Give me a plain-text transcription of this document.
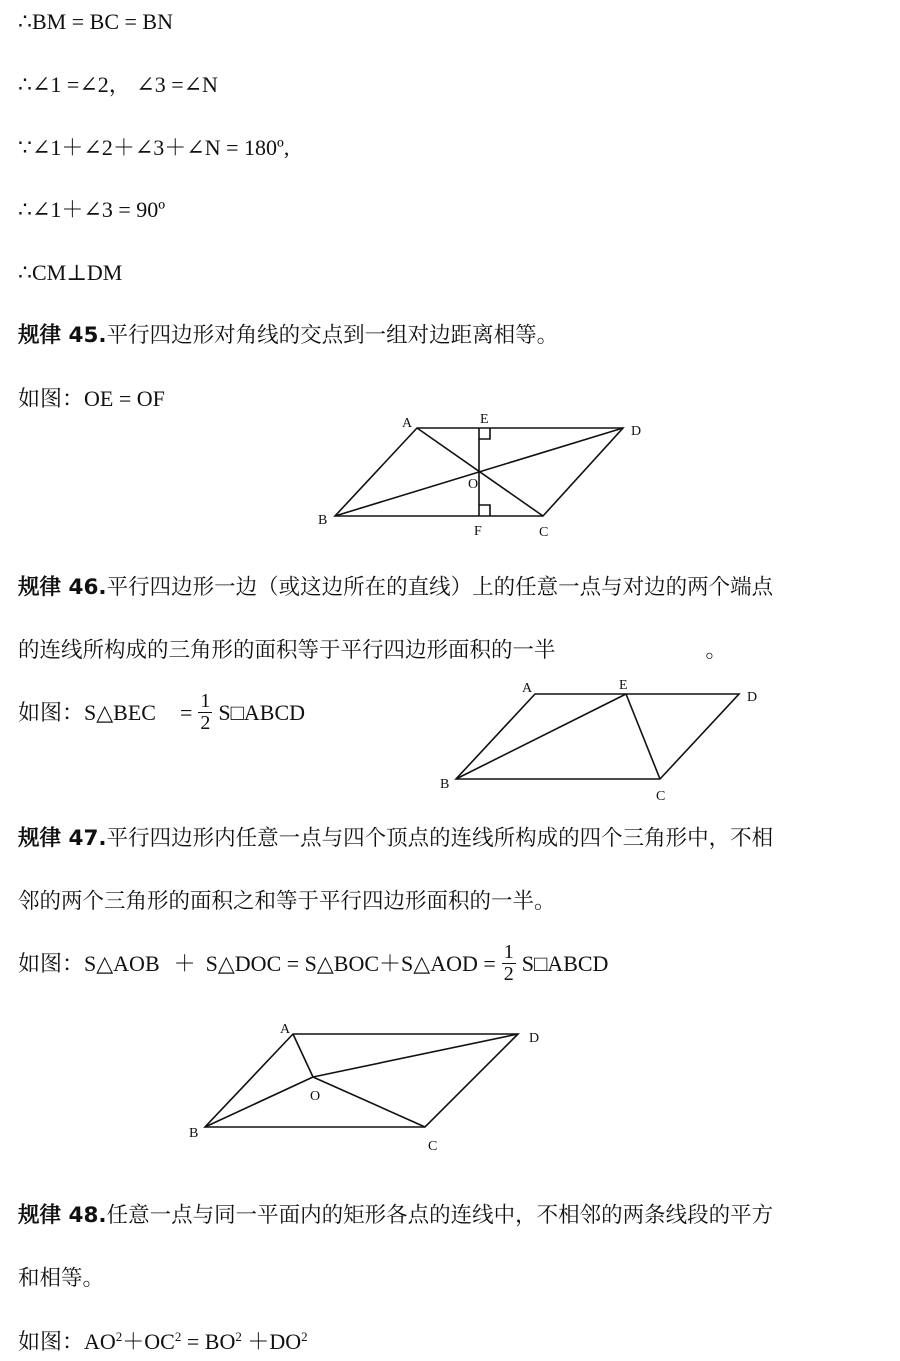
∴BM = BC = BN
∴∠1 =∠2， ∠3 =∠N
∵∠1＋∠2＋∠3＋∠N = 180º,
∴∠1＋∠3 = 90º
∴CM⊥DM
规律 45.平行四边形对角线的交点到一组对边距离相等。
如图：OE = OF
A	E
D
O
B
F	C
规律 46.平行四边形一边（或这边所在的直线）上的任意一点与对边的两个端点
的连线所构成的三角形的面积等于平行四边形面积的一半	。
如图：S△BEC = $\frac{1}{2}$ S□ABCD
A	E
D
B
C
规律 47.平行四边形内任意一点与四个顶点的连线所构成的四个三角形中，不相
邻的两个三角形的面积之和等于平行四边形面积的一半。
如图：S△AOB ＋ S△DOC = S△BOC＋S△AOD = $\frac{1}{2}$ S□ABCD
A
D
O
B
C
规律 48.任意一点与同一平面内的矩形各点的连线中，不相邻的两条线段的平方
和相等。
如图：$AO^2+OC^2 = BO^2 +DO^2$
